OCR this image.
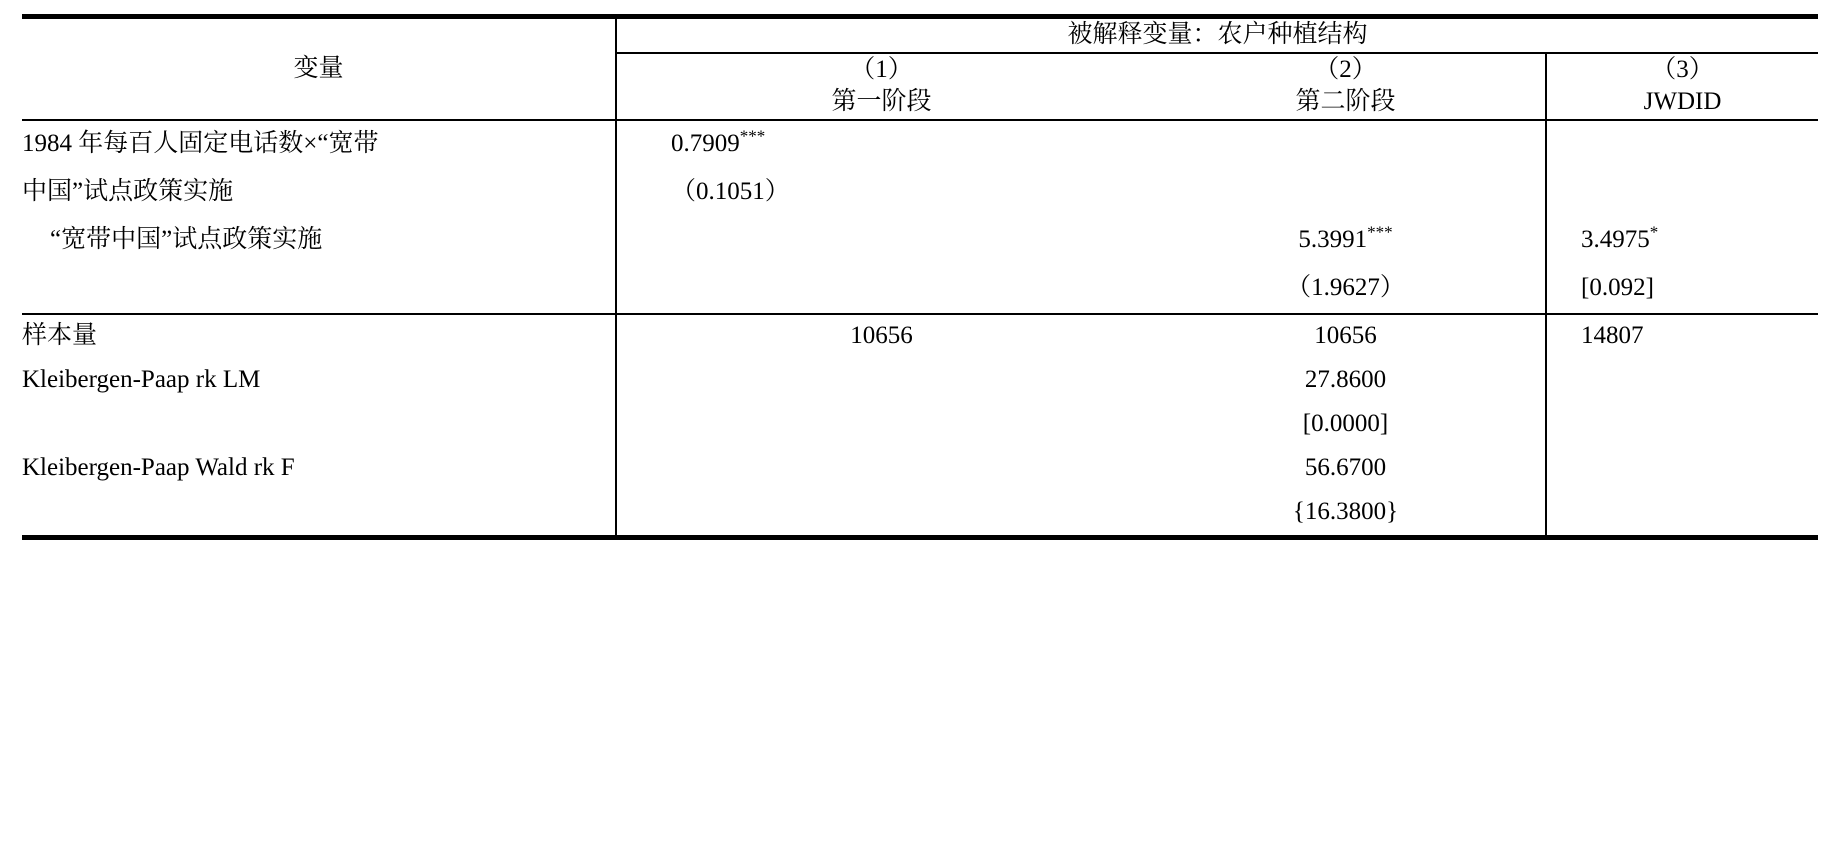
变量	被解释变量：农户种植结构		
	（1）	（2）	（3）
	第一阶段	第二阶段	JWDID
1984 年每百人固定电话数×“宽带	0.7909***		
中国”试点政策实施	（0.1051）		
“宽带中国”试点政策实施		5.3991***	3.4975*
		（1.9627）	[0.092]
样本量	10656	10656	14807
Kleibergen-Paap rk LM		27.8600	
		[0.0000]	
Kleibergen-Paap Wald rk F		56.6700	
		{16.3800}	
